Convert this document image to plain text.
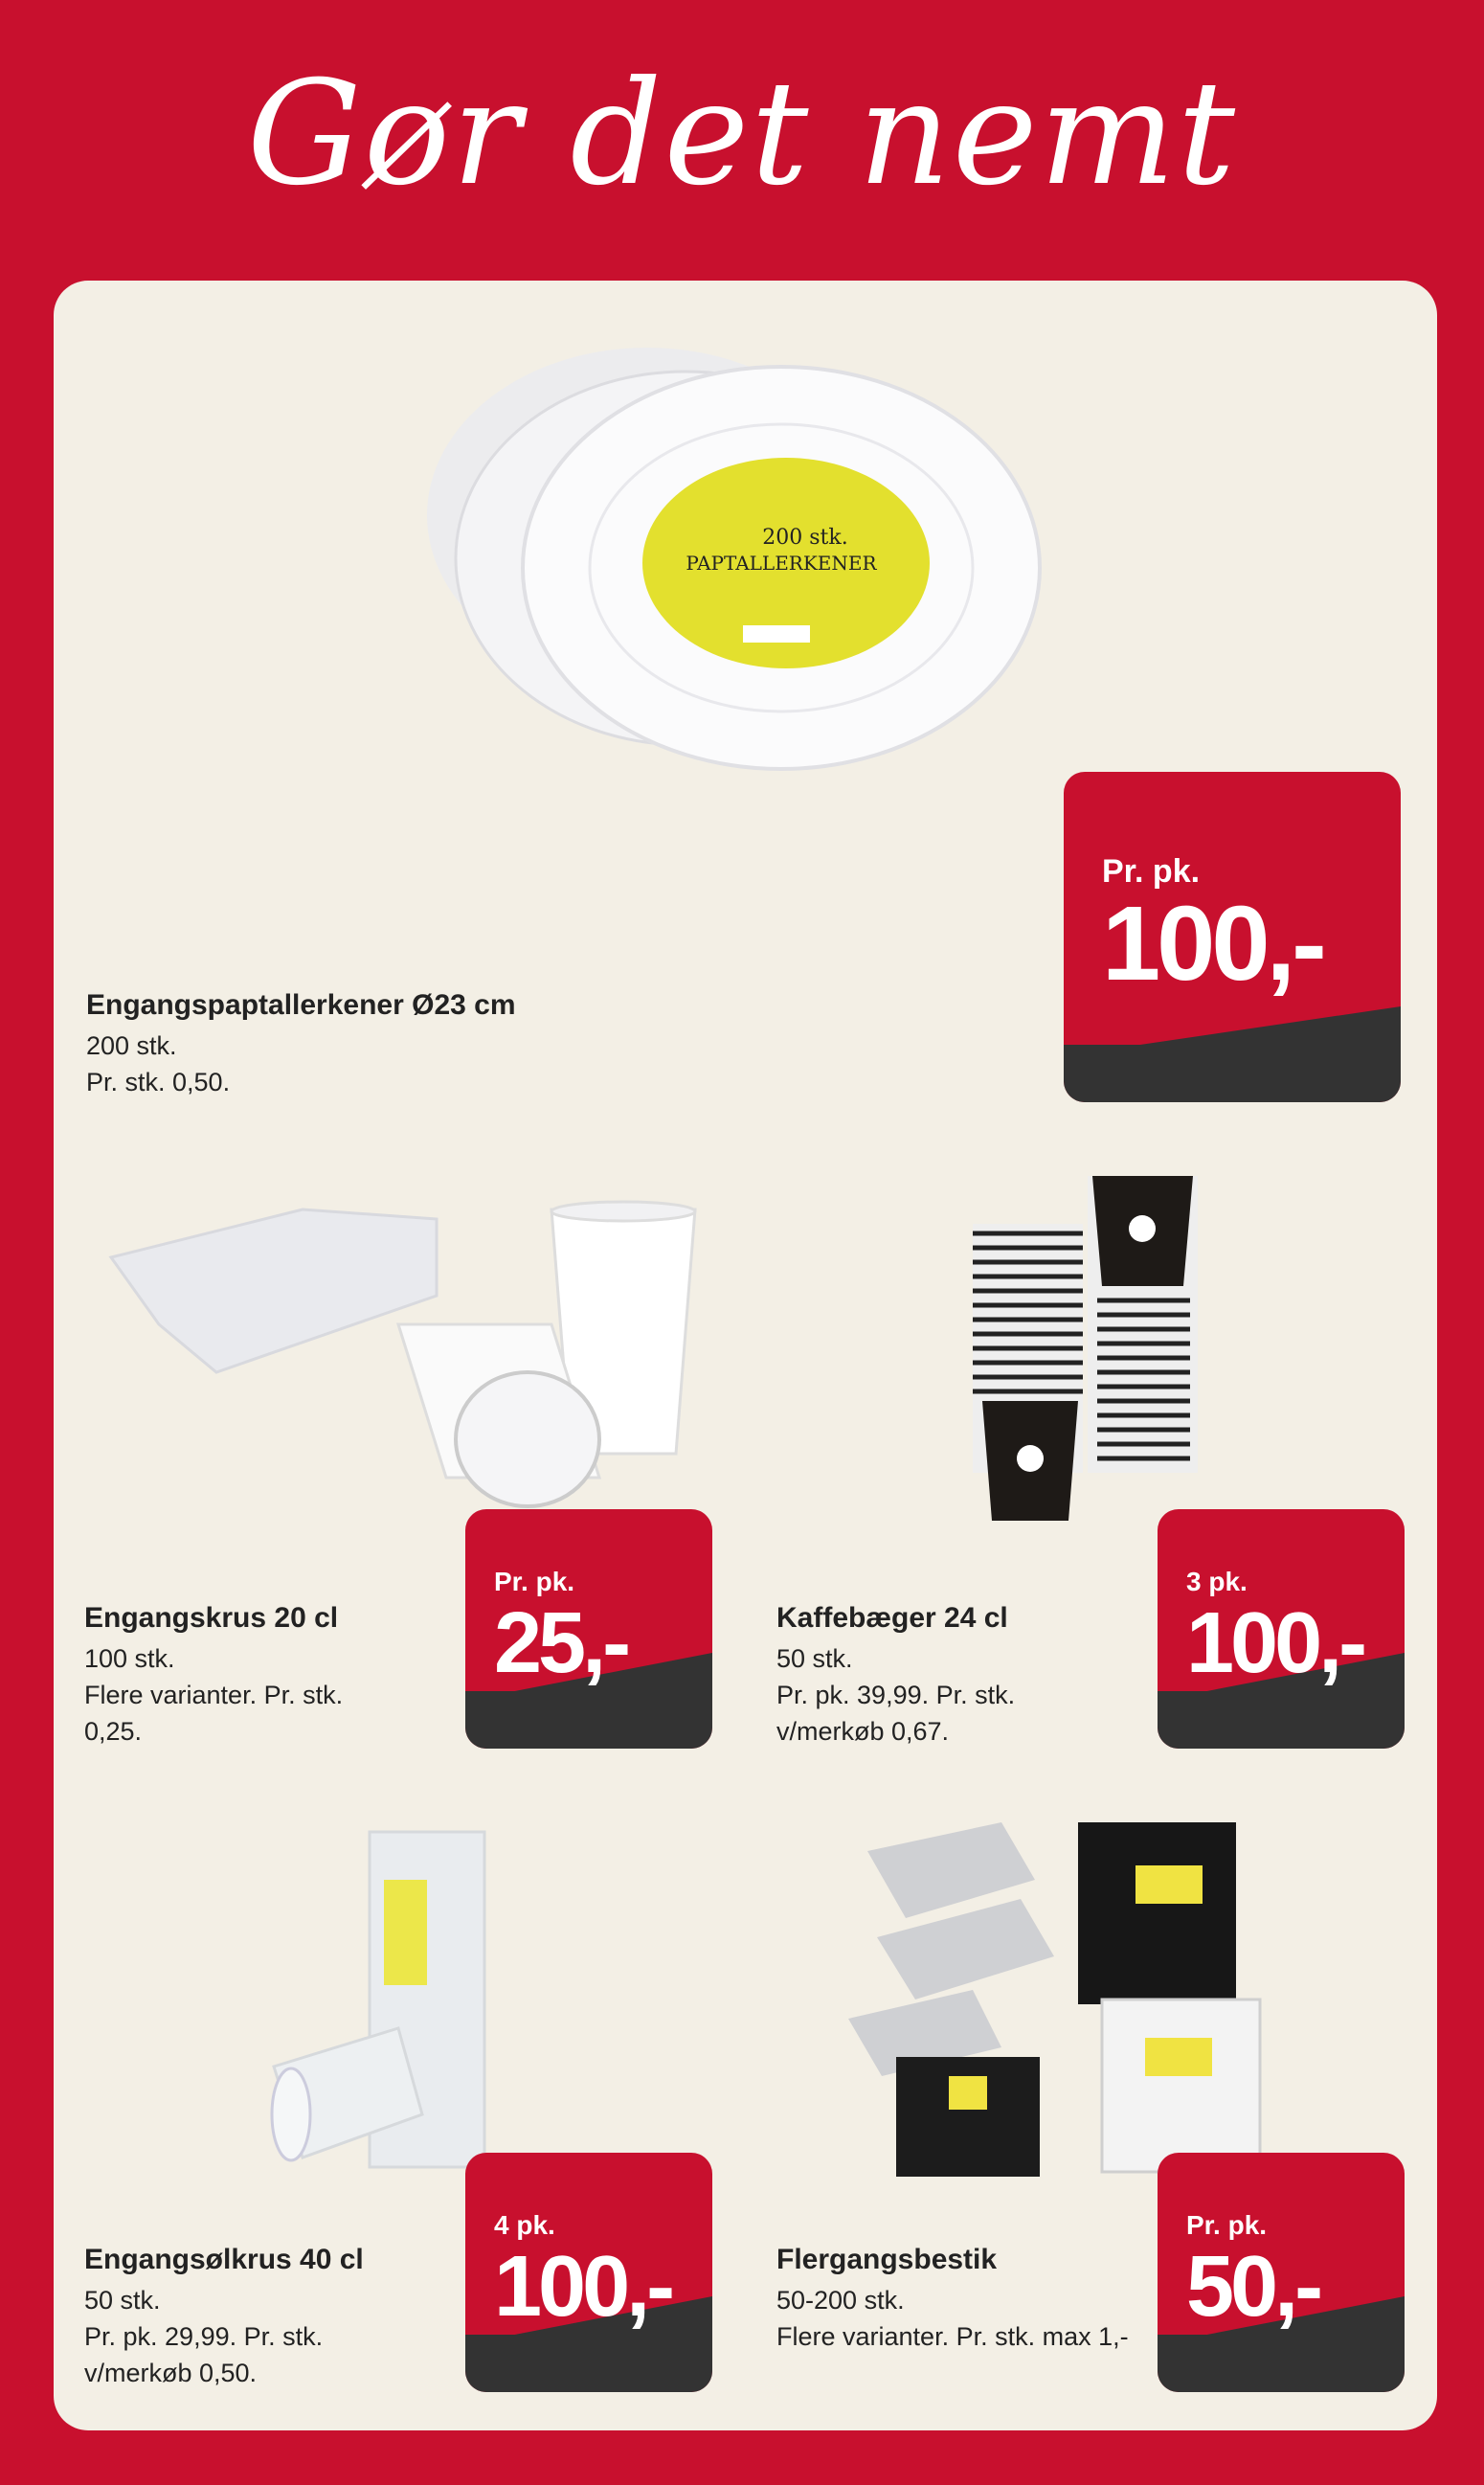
Gør det nemt
200 stk.
PAPTALLERKENER
Pr. pk.
100,-
Engangspaptallerkener Ø23 cm
200 stk.
Pr. stk. 0,50.
Pr. pk.
25,-
Engangskrus 20 cl
100 stk.
Flere varianter. Pr. stk. 0,25.
3 pk.
100,-
Kaffebæger 24 cl
50 stk.
Pr. pk. 39,99. Pr. stk. v/merkøb 0,67.
4 pk.
100,-
Engangsølkrus 40 cl
50 stk.
Pr. pk. 29,99. Pr. stk. v/merkøb 0,50.
Pr. pk.
50,-
Flergangsbestik
50-200 stk.
Flere varianter. Pr. stk. max 1,-
